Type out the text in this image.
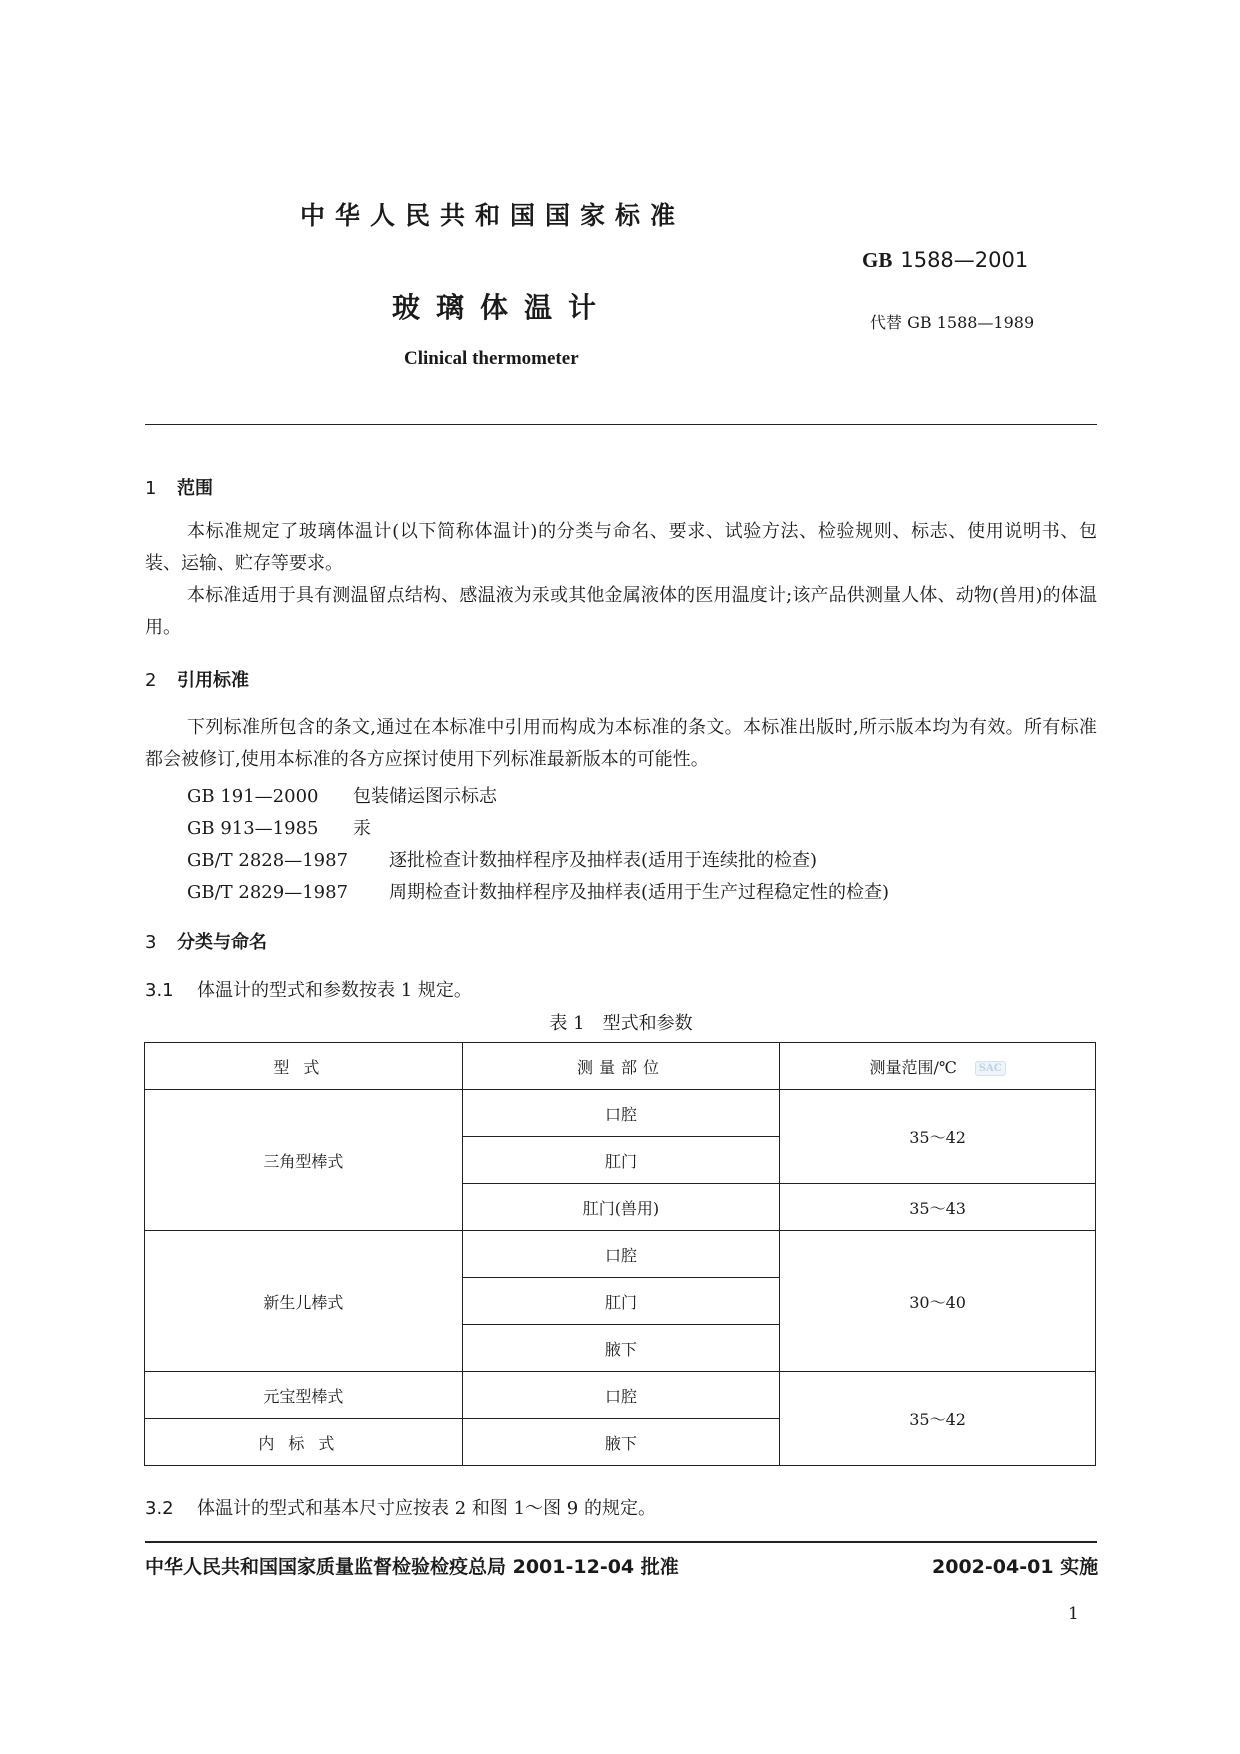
中华人民共和国国家标准
GB 1588—2001
玻璃体温计	代替 GB 1588—1989
Clinical thermometer
1 范围

本标准规定了玻璃体温计(以下简称体温计)的分类与命名、要求、试验方法、检验规则、标志、使用说明书、包装、运输、贮存等要求。

本标准适用于具有测温留点结构、感温液为汞或其他金属液体的医用温度计;该产品供测量人体、动物(兽用)的体温用。

2 引用标准

下列标准所包含的条文,通过在本标准中引用而构成为本标准的条文。本标准出版时,所示版本均为有效。所有标准都会被修订,使用本标准的各方应探讨使用下列标准最新版本的可能性。

GB 191—2000 包装储运图示标志
GB 913—1985 汞
GB/T 2828—1987 逐批检查计数抽样程序及抽样表(适用于连续批的检查)
GB/T 2829—1987 周期检查计数抽样程序及抽样表(适用于生产过程稳定性的检查)
3 分类与命名
3.1 体温计的型式和参数按表 1 规定。
表 1　型式和参数
型式	测量部位	测量范围/℃ SAC
三角型棒式	口腔	35～42
	肛门	
	肛门(兽用)	35～43
新生儿棒式	口腔	30～40
	肛门	
	腋下	
元宝型棒式	口腔	35～42
内标式	腋下	
3.2 体温计的型式和基本尺寸应按表 2 和图 1～图 9 的规定。
中华人民共和国国家质量监督检验检疫总局 2001-12-04 批准	2002-04-01 实施
1
